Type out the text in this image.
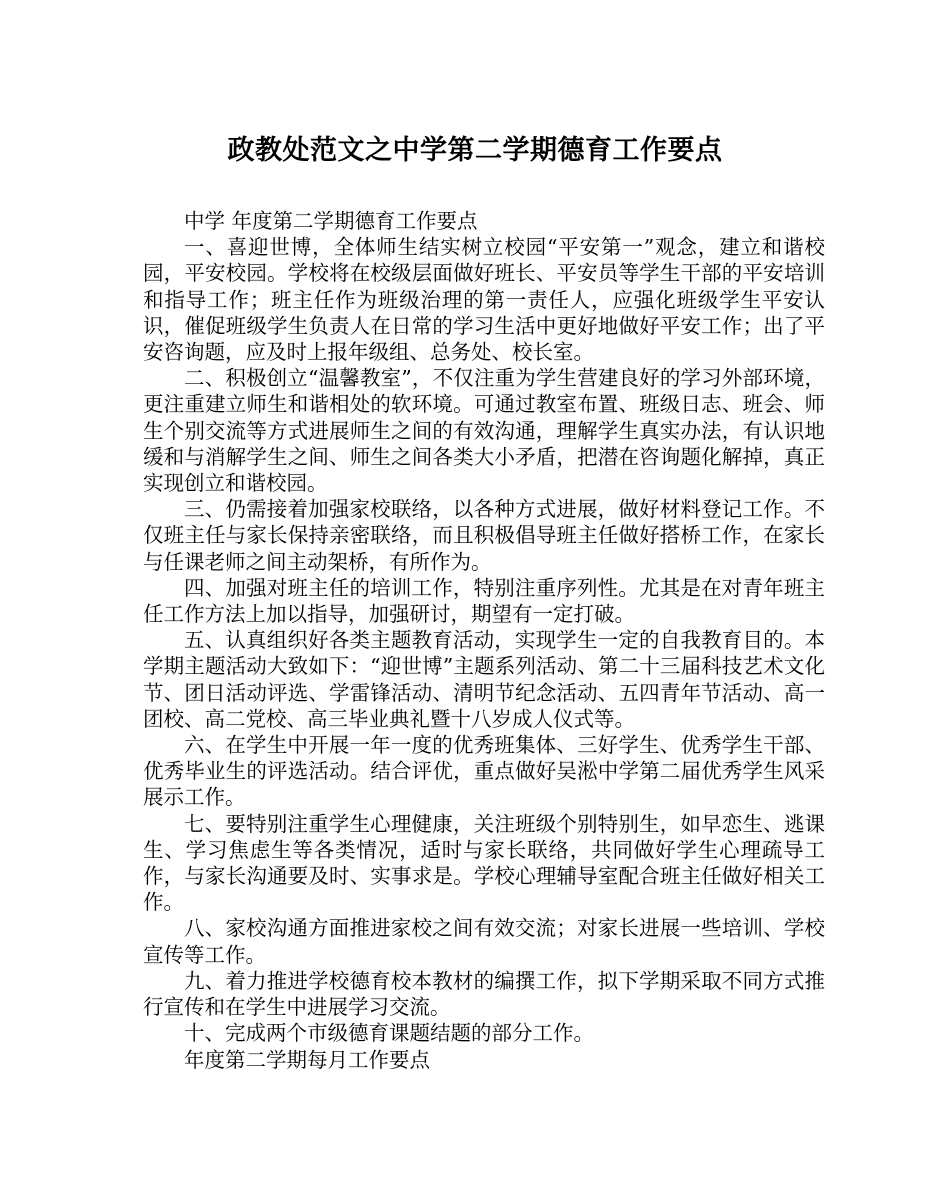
政教处范文之中学第二学期德育工作要点

中学 年度第二学期德育工作要点

一、喜迎世博，全体师生结实树立校园“平安第一”观念，建立和谐校园，平安校园。学校将在校级层面做好班长、平安员等学生干部的平安培训和指导工作；班主任作为班级治理的第一责任人，应强化班级学生平安认识，催促班级学生负责人在日常的学习生活中更好地做好平安工作；出了平安咨询题，应及时上报年级组、总务处、校长室。

二、积极创立“温馨教室”，不仅注重为学生营建良好的学习外部环境，更注重建立师生和谐相处的软环境。可通过教室布置、班级日志、班会、师生个别交流等方式进展师生之间的有效沟通，理解学生真实办法，有认识地缓和与消解学生之间、师生之间各类大小矛盾，把潜在咨询题化解掉，真正实现创立和谐校园。

三、仍需接着加强家校联络，以各种方式进展，做好材料登记工作。不仅班主任与家长保持亲密联络，而且积极倡导班主任做好搭桥工作，在家长与任课老师之间主动架桥，有所作为。

四、加强对班主任的培训工作，特别注重序列性。尤其是在对青年班主任工作方法上加以指导，加强研讨，期望有一定打破。

五、认真组织好各类主题教育活动，实现学生一定的自我教育目的。本学期主题活动大致如下：“迎世博”主题系列活动、第二十三届科技艺术文化节、团日活动评选、学雷锋活动、清明节纪念活动、五四青年节活动、高一团校、高二党校、高三毕业典礼暨十八岁成人仪式等。

六、在学生中开展一年一度的优秀班集体、三好学生、优秀学生干部、优秀毕业生的评选活动。结合评优，重点做好吴淞中学第二届优秀学生风采展示工作。

七、要特别注重学生心理健康，关注班级个别特别生，如早恋生、逃课生、学习焦虑生等各类情况，适时与家长联络，共同做好学生心理疏导工作，与家长沟通要及时、实事求是。学校心理辅导室配合班主任做好相关工作。

八、家校沟通方面推进家校之间有效交流；对家长进展一些培训、学校宣传等工作。

九、着力推进学校德育校本教材的编撰工作，拟下学期采取不同方式推行宣传和在学生中进展学习交流。

十、完成两个市级德育课题结题的部分工作。

年度第二学期每月工作要点
